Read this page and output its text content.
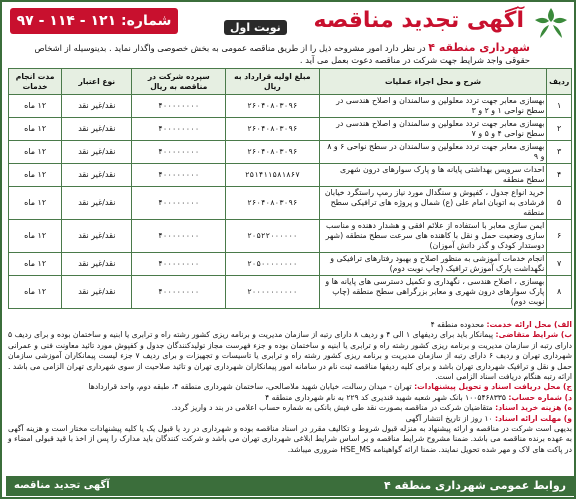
آگهی تجدید مناقصه
نوبت اول
شماره: ۱۲۱ - ۱۱۴ - ۹۷
شهرداری منطقه ۴ در نظر دارد امور مشروحه ذیل را از طریق مناقصه عمومی به بخش خصوصی واگذار نماید . بدینوسیله از اشخاص حقوقی واجد شرایط جهت شرکت در مناقصه دعوت بعمل می آید .
ردیف	شرح و محل اجراء عملیات	مبلغ اولیه قرارداد به ریال	سپرده شرکت در مناقصه به ریال	نوع اعتبار	مدت انجام خدمات
۱	بهسازی معابر جهت تردد معلولین و سالمندان و اصلاح هندسی در سطح نواحی ۱ و ۲ و ۳	۲۶۰۴۰۸۰۳۰۹۶	۴۰۰۰۰۰۰۰۰	نقد/غیر نقد	۱۲ ماه
۲	بهسازی معابر جهت تردد معلولین و سالمندان و اصلاح هندسی در سطح نواحی ۴ و ۵ و ۷	۲۶۰۴۰۸۰۳۰۹۶	۴۰۰۰۰۰۰۰۰	نقد/غیر نقد	۱۲ ماه
۳	بهسازی معابر جهت تردد معلولین و سالمندان در سطح نواحی ۶ و ۸ و ۹	۲۶۰۴۰۸۰۳۰۹۶	۴۰۰۰۰۰۰۰۰	نقد/غیر نقد	۱۲ ماه
۴	احداث سرویس بهداشتی پایانه ها و پارک سوارهای درون شهری سطح منطقه	۲۵۱۴۱۱۵۸۱۸۶۷	۴۰۰۰۰۰۰۰۰	نقد/غیر نقد	۱۲ ماه
۵	خرید انواع جدول ، کفپوش و سنگدال مورد نیاز رمپ راستگرد خیابان فرشادی به اتوبان امام علی (ع) شمال و پروژه های ترافیکی سطح منطقه	۲۶۰۴۰۸۰۳۰۹۶	۴۰۰۰۰۰۰۰۰	نقد/غیر نقد	۱۲ ماه
۶	ایمن سازی معابر با استفاده از علائم افقی و هشدار دهنده و مناسب سازی وضعیت حمل و نقل با کاهنده های سرعت سطح منطقه (شهر دوستدار کودک و گذر دانش آموزان)	۲۰۵۲۲۰۰۰۰۰۰	۴۰۰۰۰۰۰۰۰	نقد/غیر نقد	۱۲ ماه
۷	انجام خدمات آموزشی به منظور اصلاح و بهبود رفتارهای ترافیکی و نگهداشت پارک آموزش ترافیک (چاپ نوبت دوم)	۲۰۵۰۰۰۰۰۰۰۰	۴۰۰۰۰۰۰۰۰	نقد/غیر نقد	۱۲ ماه
۸	بهسازی ، اصلاح هندسی ، نگهداری و تکمیل دسترسی های پایانه ها و پارک سوارهای درون شهری و معابر بزرگراهی سطح منطقه (چاپ نوبت دوم)	۲۰۰۰۰۰۰۰۰۰۰	۴۰۰۰۰۰۰۰۰	نقد/غیر نقد	۱۲ ماه
الف) محل ارائه خدمت: محدوده منطقه ۴
ب) شرایط متقاضی: پیمانکار باید برای ردیفهای ۱ الی ۴ و ردیف ۸ دارای رتبه از سازمان مدیریت و برنامه ریزی کشور رشته راه و ترابری یا ابنیه و ساختمان بوده و برای ردیف ۵ دارای رتبه از سازمان مدیریت و برنامه ریزی کشور رشته راه و ترابری یا ابنیه و ساختمان بوده و جزء فهرست مجاز تولیدکنندگان جدول و کفپوش مورد تائید معاونت فنی و عمرانی شهرداری تهران و ردیف ۶ دارای رتبه از سازمان مدیریت و برنامه ریزی کشور رشته راه و ترابری یا تاسیسات و تجهیزات و برای ردیف ۷ جزء لیست پیمانکاران آموزشی سازمان حمل و نقل و ترافیک شهرداری تهران باشد و برای کلیه ردیفها مناقصه ثبت نام در سامانه امور پیمانکاران شهرداری تهران و تائید صلاحیت از سوی شهرداری تهران الزامی می باشد . ارائه رتبه هنگام دریافت اسناد الزامی است.
ج) محل دریافت اسناد و تحویل پیشنهادات: تهران - میدان رسالت، خیابان شهید ملاصالحی، ساختمان شهرداری منطقه ۴، طبقه دوم، واحد قراردادها
د) شماره حساب: ۱۰۰۵۴۶۸۳۳۵ بانک شهر شعبه شهید قندیری کد ۲۲۹ به نام شهرداری منطقه ۴
ه) هزینه خرید اسناد: متقاضیان شرکت در مناقصه بصورت نقد طی فیش بانکی به شماره حساب اعلامی در بند د واریز گردد.
و) مهلت ارائه اسناد: ۱۰ روز از تاریخ انتشار آگهی
بدیهی است شرکت در مناقصه و ارائه پیشنهاد به منزله قبول شروط و تکالیف مقرر در اسناد مناقصه بوده و شهرداری در رد یا قبول یک یا کلیه پیشنهادات مختار است و هزینه آگهی به عهده برنده مناقصه می باشد. ضمنا مشروح شرایط مناقصه و بر اساس شرایط ابلاغی شهرداری تهران می باشد و شرکت کنندگان باید مدارک را پس از اخذ با قید قبولی امضاء و در پاکت های لاک و مهر شده تحویل نمایند. ضمنا ارائه گواهینامه HSE_MS ضروری میباشد.
روابط عمومی شهرداری منطقه ۴
آگهی تجدید مناقصه
